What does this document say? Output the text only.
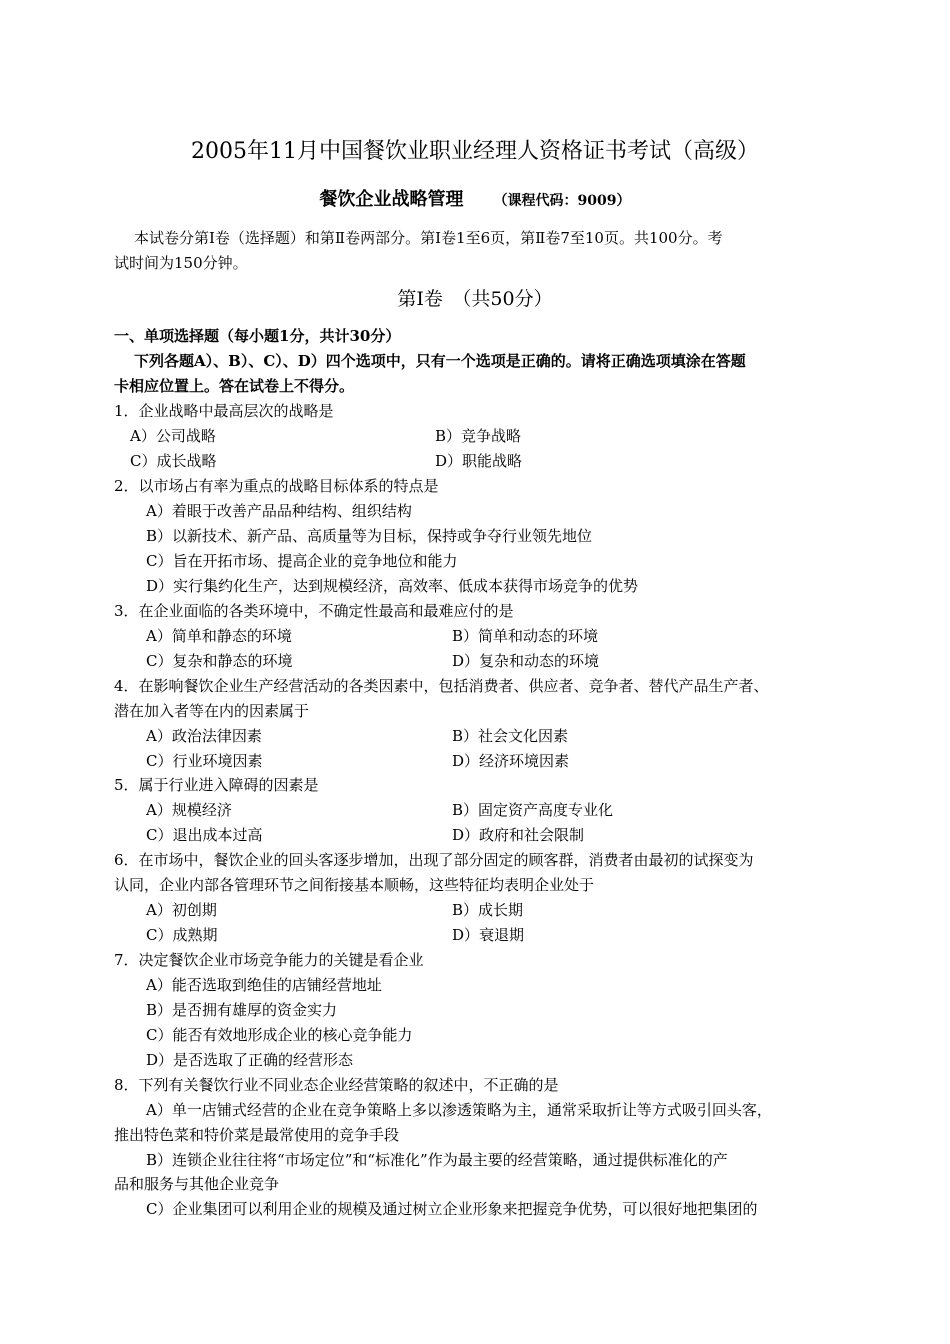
2005年11月中国餐饮业职业经理人资格证书考试（高级）
餐饮企业战略管理 （课程代码：9009）
本试卷分第Ⅰ卷（选择题）和第Ⅱ卷两部分。第Ⅰ卷1至6页，第Ⅱ卷7至10页。共100分。考
试时间为150分钟。
第Ⅰ卷　（共50分）
一、单项选择题（每小题1分，共计30分）
下列各题A）、B）、C）、D）四个选项中，只有一个选项是正确的。请将正确选项填涂在答题
卡相应位置上。答在试卷上不得分。
1．企业战略中最高层次的战略是
A）公司战略	B）竞争战略
C）成长战略	D）职能战略
2．以市场占有率为重点的战略目标体系的特点是
A）着眼于改善产品品种结构、组织结构
B）以新技术、新产品、高质量等为目标，保持或争夺行业领先地位
C）旨在开拓市场、提高企业的竞争地位和能力
D）实行集约化生产，达到规模经济，高效率、低成本获得市场竞争的优势
3．在企业面临的各类环境中，不确定性最高和最难应付的是
A）简单和静态的环境	B）简单和动态的环境
C）复杂和静态的环境	D）复杂和动态的环境
4．在影响餐饮企业生产经营活动的各类因素中，包括消费者、供应者、竞争者、替代产品生产者、
潜在加入者等在内的因素属于
A）政治法律因素	B）社会文化因素
C）行业环境因素	D）经济环境因素
5．属于行业进入障碍的因素是
A）规模经济	B）固定资产高度专业化
C）退出成本过高	D）政府和社会限制
6．在市场中，餐饮企业的回头客逐步增加，出现了部分固定的顾客群，消费者由最初的试探变为
认同，企业内部各管理环节之间衔接基本顺畅，这些特征均表明企业处于
A）初创期	B）成长期
C）成熟期	D）衰退期
7．决定餐饮企业市场竞争能力的关键是看企业
A）能否选取到绝佳的店铺经营地址
B）是否拥有雄厚的资金实力
C）能否有效地形成企业的核心竞争能力
D）是否选取了正确的经营形态
8．下列有关餐饮行业不同业态企业经营策略的叙述中，不正确的是
A）单一店铺式经营的企业在竞争策略上多以渗透策略为主，通常采取折让等方式吸引回头客，
推出特色菜和特价菜是最常使用的竞争手段
B）连锁企业往往将“市场定位”和“标准化”作为最主要的经营策略，通过提供标准化的产
品和服务与其他企业竞争
C）企业集团可以利用企业的规模及通过树立企业形象来把握竞争优势，可以很好地把集团的
